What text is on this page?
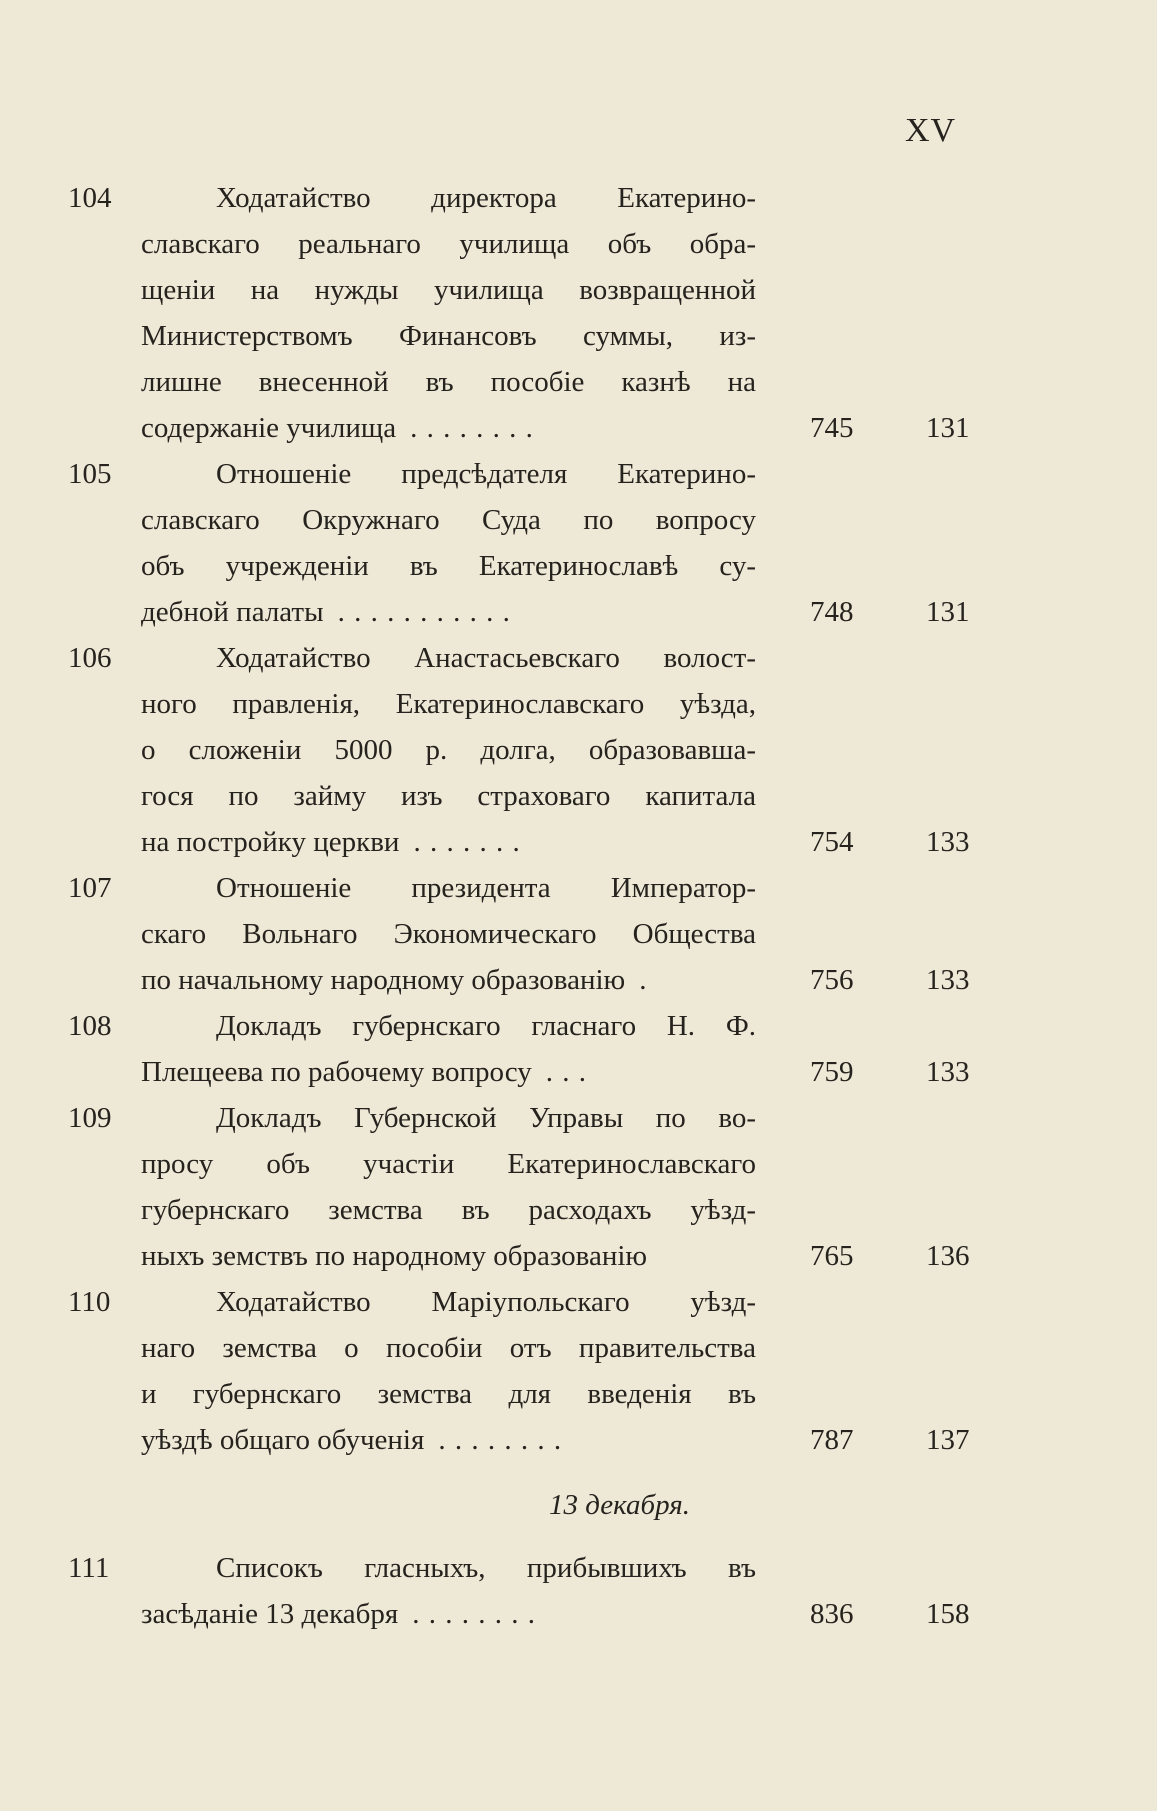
XV
104	Ходатайство директора Екатерино-
славскаго реальнаго училища объ обра-
щеніи на нужды училища возвращенной
Министерствомъ Финансовъ суммы, из-
лишне внесенной въ пособіе казнѣ на
содержаніе училища . . . . . . . .	745	131
105	Отношеніе предсѣдателя Екатерино-
славскаго Окружнаго Суда по вопросу
объ учрежденіи въ Екатеринославѣ су-
дебной палаты . . . . . . . . . . .	748	131
106	Ходатайство Анастасьевскаго волост-
ного правленія, Екатеринославскаго уѣзда,
о сложеніи 5000 р. долга, образовавша-
гося по займу изъ страховаго капитала
на постройку церкви . . . . . . .	754	133
107	Отношеніе президента Император-
скаго Вольнаго Экономическаго Общества
по начальному народному образованію .	756	133
108	Докладъ губернскаго гласнаго Н. Ф.
Плещеева по рабочему вопросу . . .	759	133
109	Докладъ Губернской Управы по во-
просу объ участіи Екатеринославскаго
губернскаго земства въ расходахъ уѣзд-
ныхъ земствъ по народному образованію	765	136
110	Ходатайство Маріупольскаго уѣзд-
наго земства о пособіи отъ правительства
и губернскаго земства для введенія въ
уѣздѣ общаго обученія . . . . . . . .	787	137
13 декабря.
111	Списокъ гласныхъ, прибывшихъ въ
засѣданіе 13 декабря . . . . . . . .	836	158
